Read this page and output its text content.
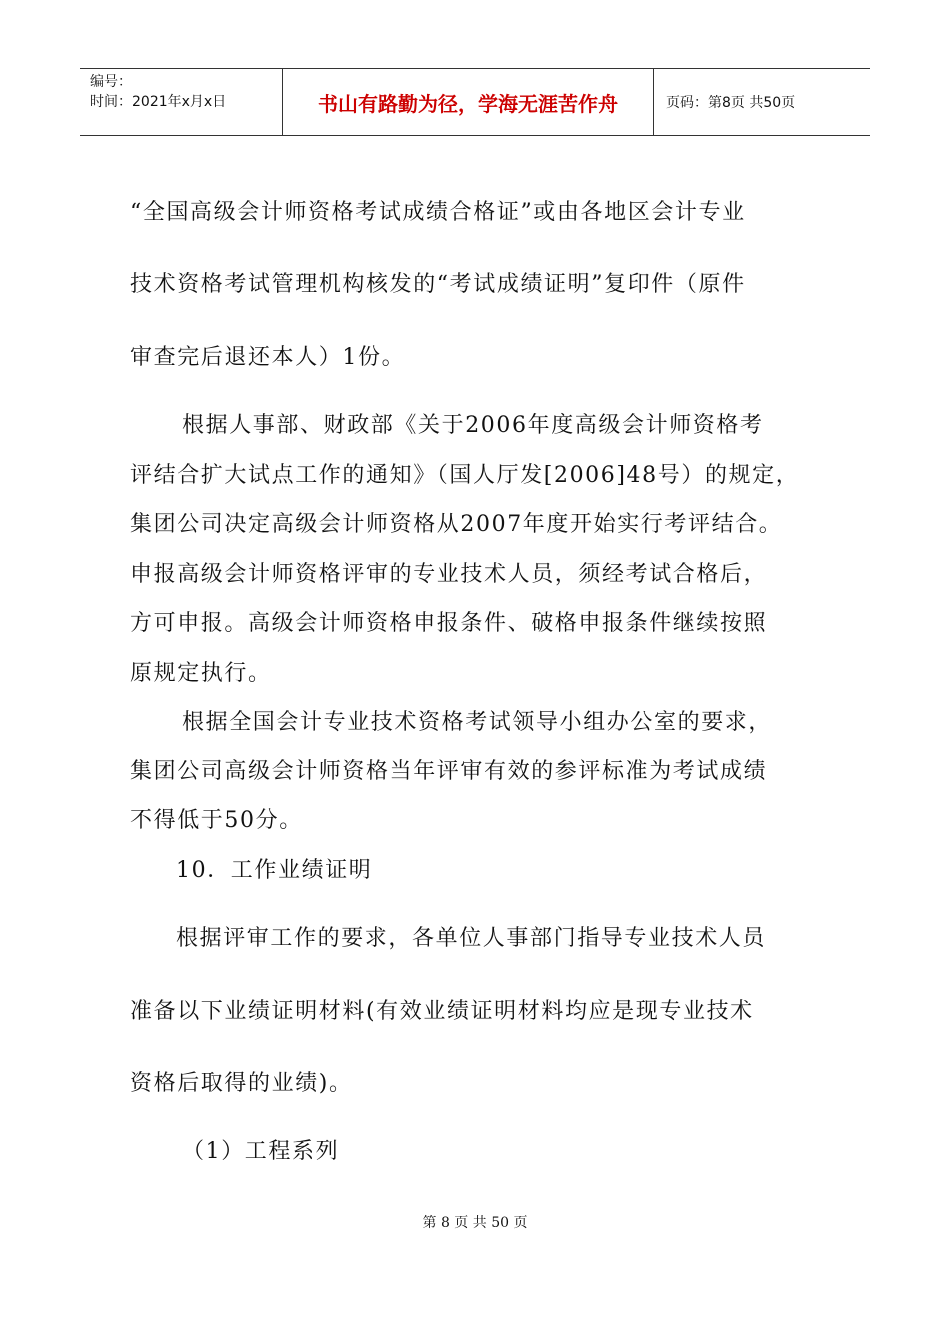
编号：
时间：2021年x月x日	书山有路勤为径，学海无涯苦作舟	页码：第8页 共50页
“全国高级会计师资格考试成绩合格证”或由各地区会计专业
技术资格考试管理机构核发的“考试成绩证明”复印件（原件
审查完后退还本人）1份。
根据人事部、财政部《关于2006年度高级会计师资格考
评结合扩大试点工作的通知》（国人厅发[2006]48号）的规定，
集团公司决定高级会计师资格从2007年度开始实行考评结合。
申报高级会计师资格评审的专业技术人员，须经考试合格后，
方可申报。高级会计师资格申报条件、破格申报条件继续按照
原规定执行。
根据全国会计专业技术资格考试领导小组办公室的要求，
集团公司高级会计师资格当年评审有效的参评标准为考试成绩
不得低于50分。
10．工作业绩证明
根据评审工作的要求，各单位人事部门指导专业技术人员
准备以下业绩证明材料(有效业绩证明材料均应是现专业技术
资格后取得的业绩)。
（1）工程系列
第 8 页 共 50 页
